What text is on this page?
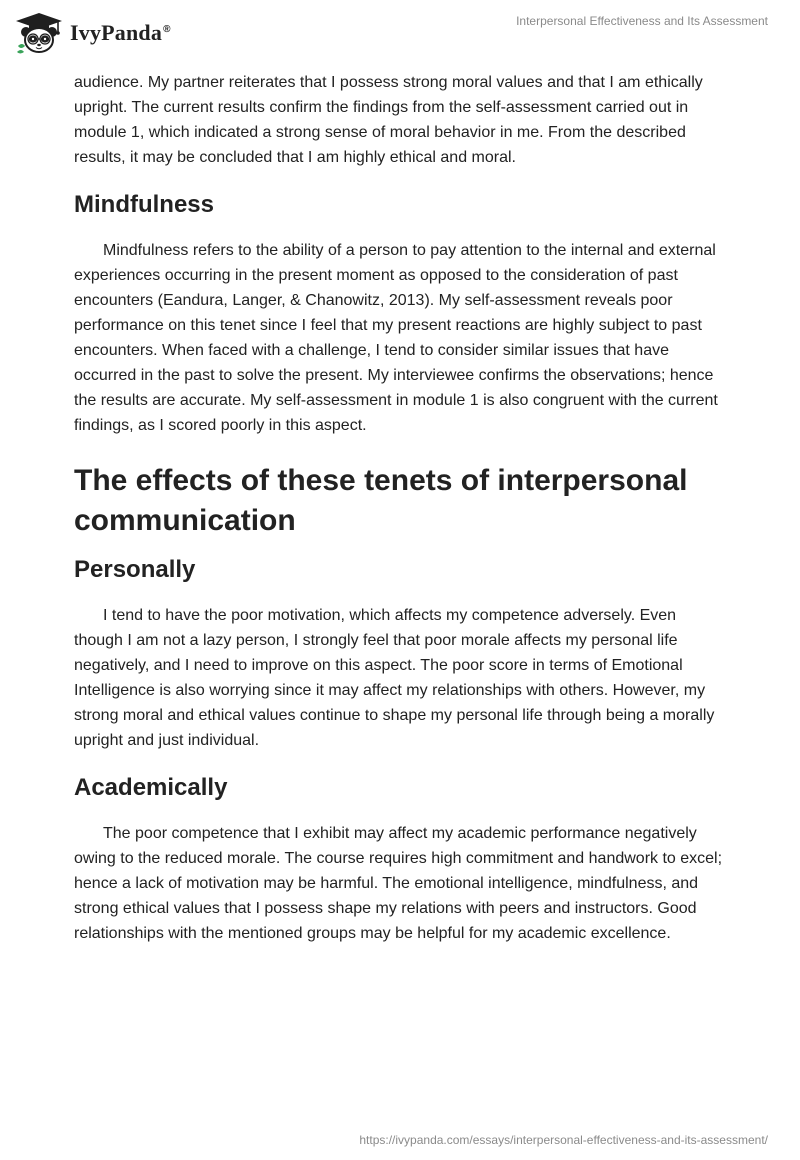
IvyPanda®
Interpersonal Effectiveness and Its Assessment

audience. My partner reiterates that I possess strong moral values and that I am ethically upright. The current results confirm the findings from the self-assessment carried out in module 1, which indicated a strong sense of moral behavior in me. From the described results, it may be concluded that I am highly ethical and moral.

Mindfulness

Mindfulness refers to the ability of a person to pay attention to the internal and external experiences occurring in the present moment as opposed to the consideration of past encounters (Eandura, Langer, & Chanowitz, 2013). My self-assessment reveals poor performance on this tenet since I feel that my present reactions are highly subject to past encounters. When faced with a challenge, I tend to consider similar issues that have occurred in the past to solve the present. My interviewee confirms the observations; hence the results are accurate. My self-assessment in module 1 is also congruent with the current findings, as I scored poorly in this aspect.

The effects of these tenets of interpersonal communication
Personally

I tend to have the poor motivation, which affects my competence adversely. Even though I am not a lazy person, I strongly feel that poor morale affects my personal life negatively, and I need to improve on this aspect. The poor score in terms of Emotional Intelligence is also worrying since it may affect my relationships with others. However, my strong moral and ethical values continue to shape my personal life through being a morally upright and just individual.

Academically

The poor competence that I exhibit may affect my academic performance negatively owing to the reduced morale. The course requires high commitment and handwork to excel; hence a lack of motivation may be harmful. The emotional intelligence, mindfulness, and strong ethical values that I possess shape my relations with peers and instructors. Good relationships with the mentioned groups may be helpful for my academic excellence.

https://ivypanda.com/essays/interpersonal-effectiveness-and-its-assessment/
